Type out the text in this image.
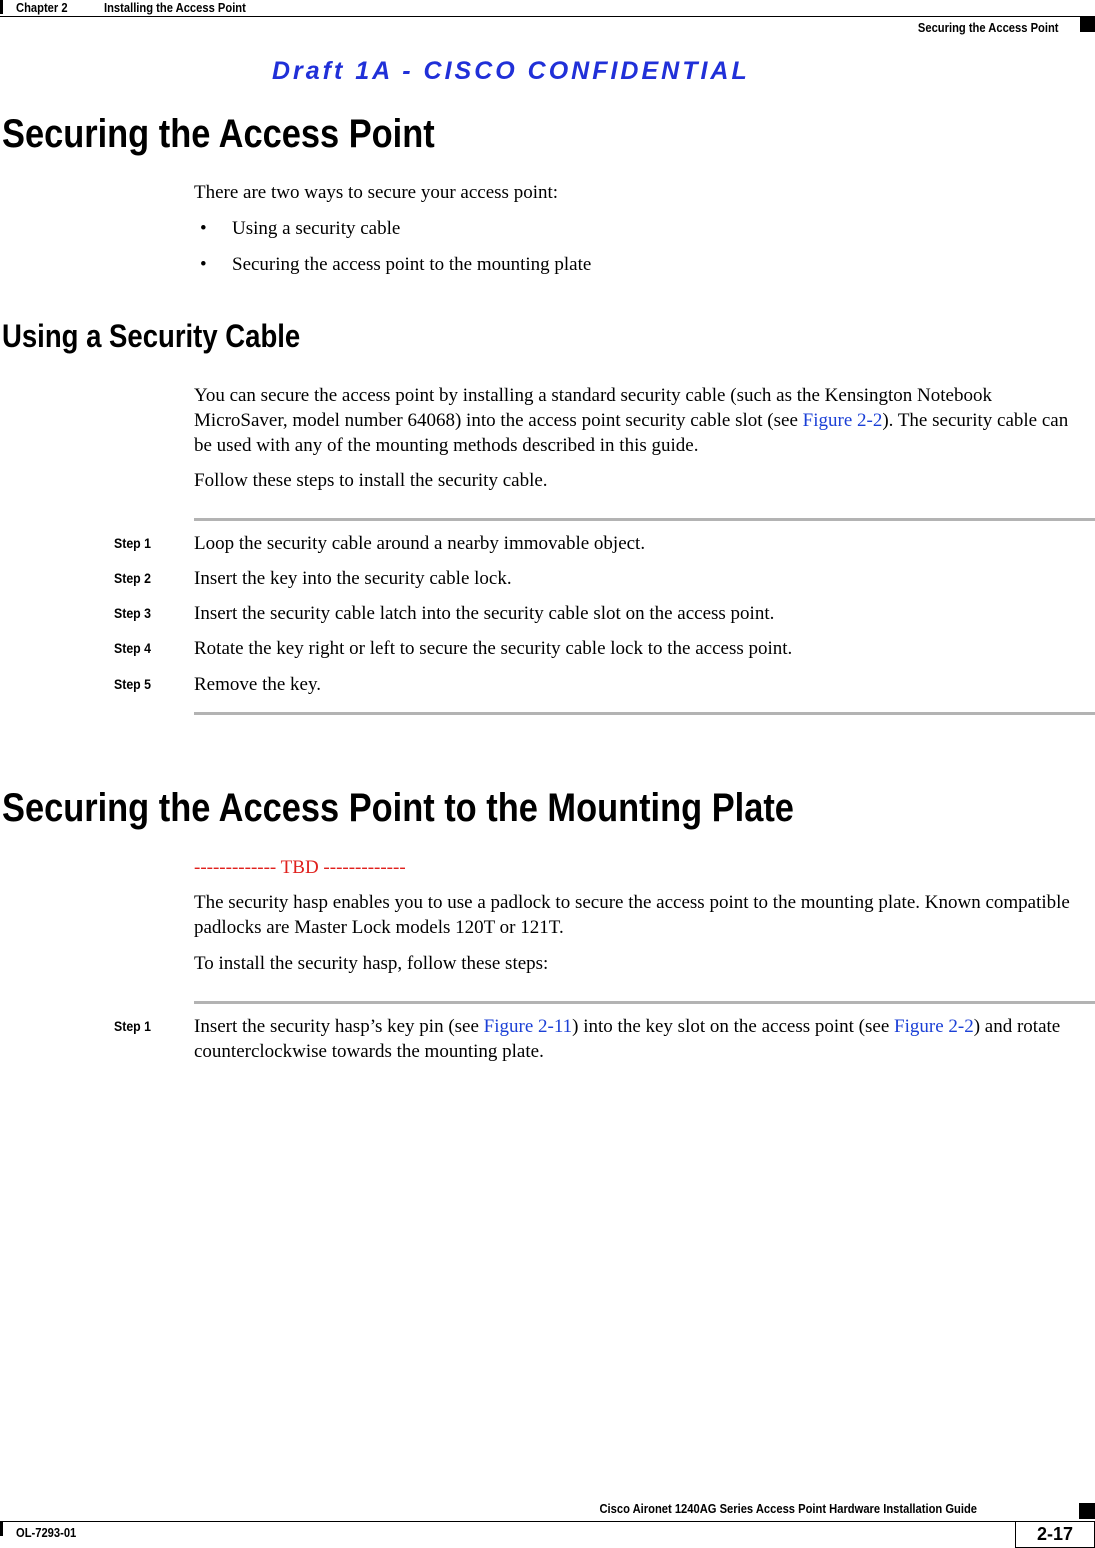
Chapter 2	Installing the Access Point
Securing the Access Point
Draft 1A - CISCO CONFIDENTIAL
Securing the Access Point
There are two ways to secure your access point:
• Using a security cable
• Securing the access point to the mounting plate
Using a Security Cable
You can secure the access point by installing a standard security cable (such as the Kensington Notebook MicroSaver, model number 64068) into the access point security cable slot (see Figure 2-2). The security cable can be used with any of the mounting methods described in this guide.
Follow these steps to install the security cable.
Step 1 Loop the security cable around a nearby immovable object.
Step 2 Insert the key into the security cable lock.
Step 3 Insert the security cable latch into the security cable slot on the access point.
Step 4 Rotate the key right or left to secure the security cable lock to the access point.
Step 5 Remove the key.
Securing the Access Point to the Mounting Plate
------------- TBD -------------
The security hasp enables you to use a padlock to secure the access point to the mounting plate. Known compatible padlocks are Master Lock models 120T or 121T.
To install the security hasp, follow these steps:
Step 1 Insert the security hasp’s key pin (see Figure 2-11) into the key slot on the access point (see Figure 2-2) and rotate counterclockwise towards the mounting plate.
Cisco Aironet 1240AG Series Access Point Hardware Installation Guide
OL-7293-01	2-17
